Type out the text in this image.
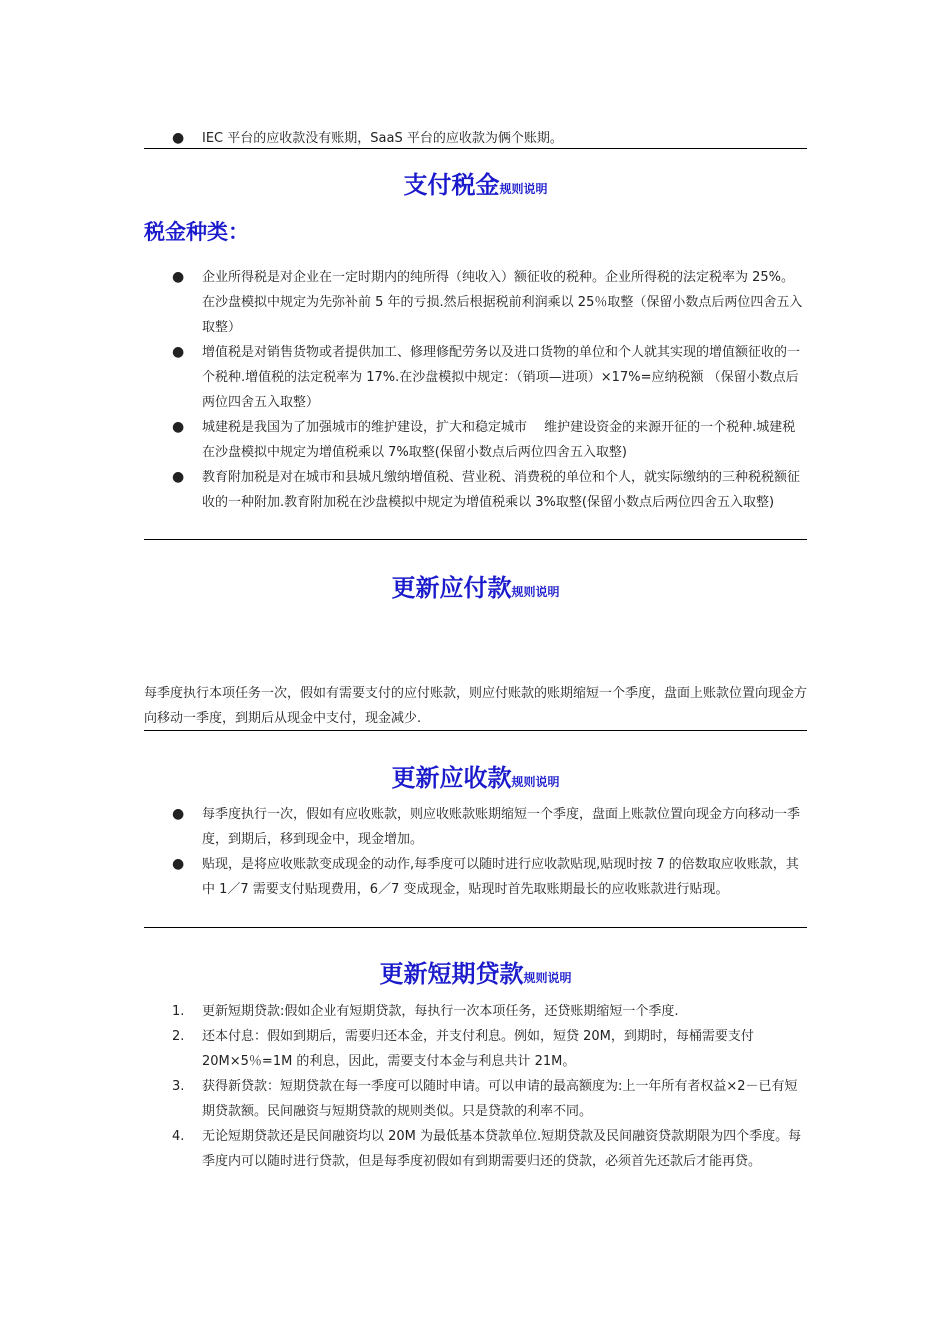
● IEC 平台的应收款没有账期，SaaS 平台的应收款为俩个账期。
支付税金规则说明
税金种类：
● 企业所得税是对企业在一定时期内的纯所得（纯收入）额征收的税种。企业所得税的法定税率为 25%。在沙盘模拟中规定为先弥补前 5 年的亏损.然后根据税前利润乘以 25％取整（保留小数点后两位四舍五入取整）
● 增值税是对销售货物或者提供加工、修理修配劳务以及进口货物的单位和个人就其实现的增值额征收的一个税种.增值税的法定税率为 17%.在沙盘模拟中规定：（销项—进项）×17%=应纳税额 （保留小数点后两位四舍五入取整）
● 城建税是我国为了加强城市的维护建设，扩大和稳定城市 　维护建设资金的来源开征的一个税种.城建税在沙盘模拟中规定为增值税乘以 7%取整(保留小数点后两位四舍五入取整)
● 教育附加税是对在城市和县城凡缴纳增值税、营业税、消费税的单位和个人，就实际缴纳的三种税税额征收的一种附加.教育附加税在沙盘模拟中规定为增值税乘以 3%取整(保留小数点后两位四舍五入取整)
更新应付款规则说明
每季度执行本项任务一次，假如有需要支付的应付账款，则应付账款的账期缩短一个季度，盘面上账款位置向现金方向移动一季度，到期后从现金中支付，现金减少.
更新应收款规则说明
● 每季度执行一次，假如有应收账款，则应收账款账期缩短一个季度，盘面上账款位置向现金方向移动一季度，到期后，移到现金中，现金增加。
● 贴现，是将应收账款变成现金的动作,每季度可以随时进行应收款贴现,贴现时按 7 的倍数取应收账款，其中 1／7 需要支付贴现费用，6／7 变成现金，贴现时首先取账期最长的应收账款进行贴现。
更新短期贷款规则说明
1. 更新短期贷款:假如企业有短期贷款，每执行一次本项任务，还贷账期缩短一个季度.
2. 还本付息：假如到期后，需要归还本金，并支付利息。例如，短贷 20M，到期时，每桶需要支付 20M×5％=1M 的利息，因此，需要支付本金与利息共计 21M。
3. 获得新贷款：短期贷款在每一季度可以随时申请。可以申请的最高额度为:上一年所有者权益×2－已有短期贷款额。民间融资与短期贷款的规则类似。只是贷款的利率不同。
4. 无论短期贷款还是民间融资均以 20M 为最低基本贷款单位.短期贷款及民间融资贷款期限为四个季度。每季度内可以随时进行贷款，但是每季度初假如有到期需要归还的贷款，必须首先还款后才能再贷。
